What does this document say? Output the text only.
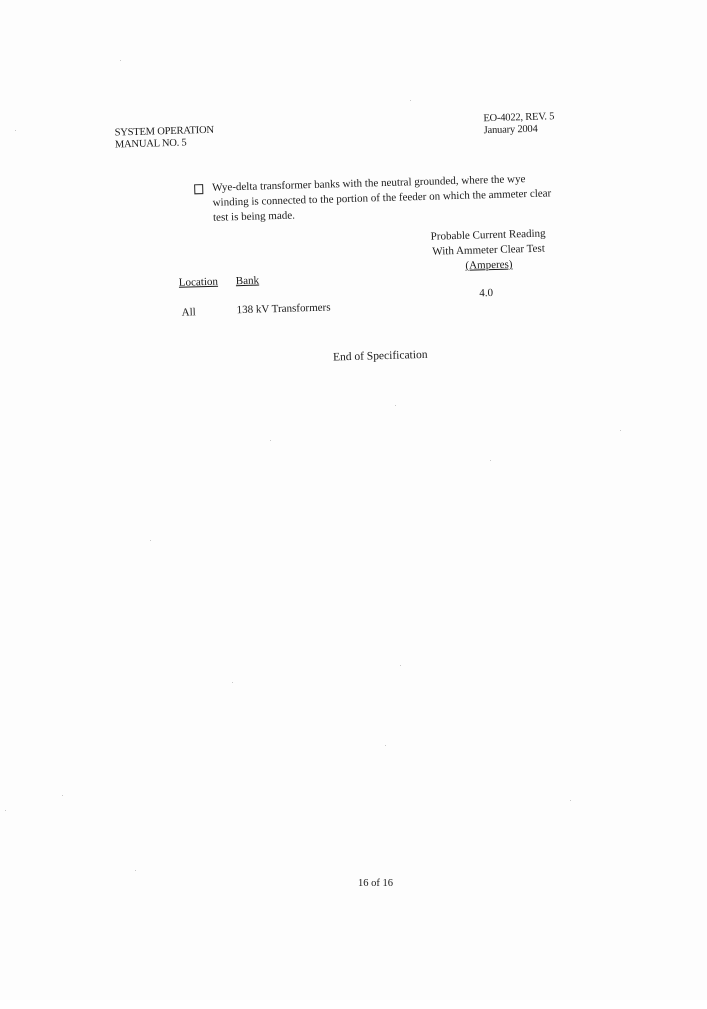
SYSTEM OPERATION
MANUAL NO. 5
EO-4022, REV. 5
January 2004
Wye-delta transformer banks with the neutral grounded, where the wye winding is connected to the portion of the feeder on which the ammeter clear test is being made.
Probable Current Reading
With Ammeter Clear Test
(Amperes)
Location Bank
All	138 kV Transformers
4.0
End of Specification
16 of 16
